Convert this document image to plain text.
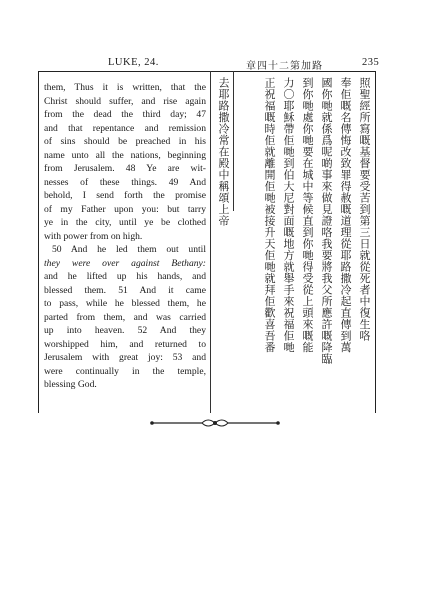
LUKE, 24.	章四十二第加路	235
them, Thus it is written, that the
Christ should suffer, and rise again
from the dead the third day; 47
and that repentance and remission
of sins should be preached in his
name unto all the nations, beginning
from Jerusalem. 48 Ye are wit-
nesses of these things. 49 And
behold, I send forth the promise
of my Father upon you: but tarry
ye in the city, until ye be clothed
with power from on high.
50 And he led them out until
they were over against Bethany:
and he lifted up his hands, and
blessed them. 51 And it came
to pass, while he blessed them, he
parted from them, and was carried
up into heaven. 52 And they
worshipped him, and returned to
Jerusalem with great joy: 53 and
were continually in the temple,
blessing God.
照聖經所寫嘅基督要受苦到第三日就從死者中復生咯
奉佢嘅名傳悔改致罪得赦嘅道理從耶路撒冷起直傳到萬
國你哋就係爲呢啲事來做見證咯我要將我父所應許嘅降臨
到你哋處你哋要在城中等候直到你哋得受從上頭來嘅能
力〇耶穌帶佢哋到伯大尼對面嘅地方就舉手來祝福佢哋
正祝福嘅時佢就離開佢哋被接升天佢哋就拜佢歡喜吾番
去耶路撒冷常在殿中稱頌上帝
